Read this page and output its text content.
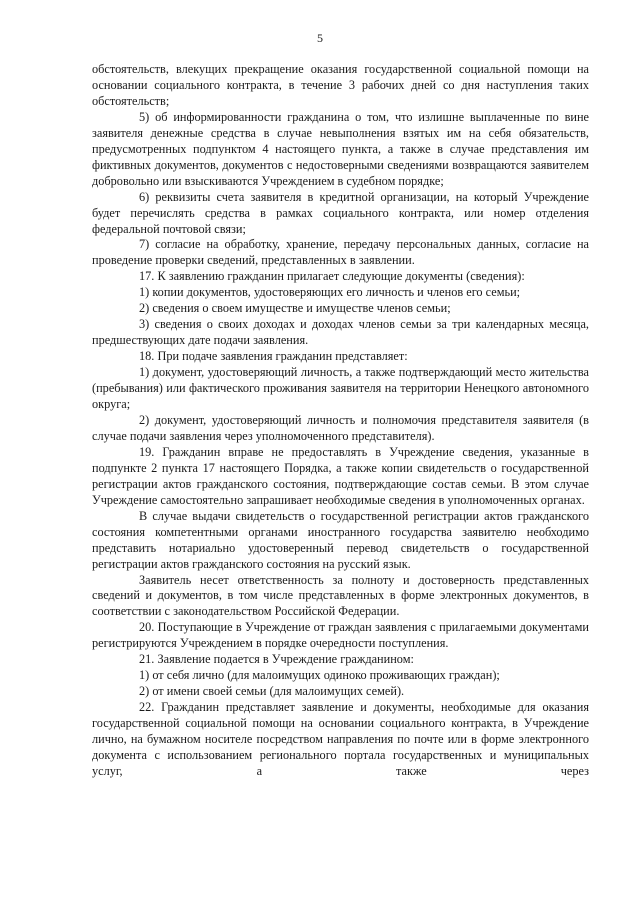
5

обстоятельств, влекущих прекращение оказания государственной социальной помощи на основании социального контракта, в течение 3 рабочих дней со дня наступления таких обстоятельств;

5) об информированности гражданина о том, что излишне выплаченные по вине заявителя денежные средства в случае невыполнения взятых им на себя обязательств, предусмотренных подпунктом 4 настоящего пункта, а также в случае представления им фиктивных документов, документов с недостоверными сведениями возвращаются заявителем добровольно или взыскиваются Учреждением в судебном порядке;

6) реквизиты счета заявителя в кредитной организации, на который Учреждение будет перечислять средства в рамках социального контракта, или номер отделения федеральной почтовой связи;

7) согласие на обработку, хранение, передачу персональных данных, согласие на проведение проверки сведений, представленных в заявлении.

17. К заявлению гражданин прилагает следующие документы (сведения):

1) копии документов, удостоверяющих его личность и членов его семьи;

2) сведения о своем имуществе и имуществе членов семьи;

3) сведения о своих доходах и доходах членов семьи за три календарных месяца, предшествующих дате подачи заявления.

18. При подаче заявления гражданин представляет:

1) документ, удостоверяющий личность, а также подтверждающий место жительства (пребывания) или фактического проживания заявителя на территории Ненецкого автономного округа;

2) документ, удостоверяющий личность и полномочия представителя заявителя (в случае подачи заявления через уполномоченного представителя).

19. Гражданин вправе не предоставлять в Учреждение сведения, указанные в подпункте 2 пункта 17 настоящего Порядка, а также копии свидетельств о государственной регистрации актов гражданского состояния, подтверждающие состав семьи. В этом случае Учреждение самостоятельно запрашивает необходимые сведения в уполномоченных органах.

В случае выдачи свидетельств о государственной регистрации актов гражданского состояния компетентными органами иностранного государства заявителю необходимо представить нотариально удостоверенный перевод свидетельств о государственной регистрации актов гражданского состояния на русский язык.

Заявитель несет ответственность за полноту и достоверность представленных сведений и документов, в том числе представленных в форме электронных документов, в соответствии с законодательством Российской Федерации.

20. Поступающие в Учреждение от граждан заявления с прилагаемыми документами регистрируются Учреждением в порядке очередности поступления.

21. Заявление подается в Учреждение гражданином:

1) от себя лично (для малоимущих одиноко проживающих граждан);

2) от имени своей семьи (для малоимущих семей).

22. Гражданин представляет заявление и документы, необходимые для оказания государственной социальной помощи на основании социального контракта, в Учреждение лично, на бумажном носителе посредством направления по почте или в форме электронного документа с использованием регионального портала государственных и муниципальных услуг, а также через
